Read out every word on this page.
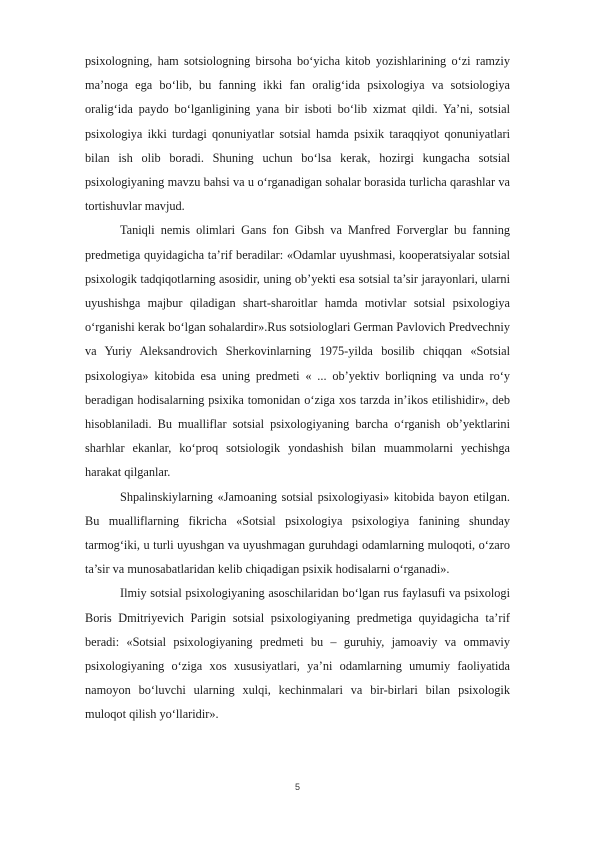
psixologning, ham sotsiologning birsoha bo‘yicha kitob yozishlarining o‘zi ramziy ma’noga ega bo‘lib, bu fanning ikki fan oralig‘ida psixologiya va sotsiologiya oralig‘ida paydo bo‘lganligining yana bir isboti bo‘lib xizmat qildi. Ya’ni, sotsial psixologiya ikki turdagi qonuniyatlar sotsial hamda psixik taraqqiyot qonuniyatlari bilan ish olib boradi. Shuning uchun bo‘lsa kerak, hozirgi kungacha sotsial psixologiyaning mavzu bahsi va u o‘rganadigan sohalar borasida turlicha qarashlar va tortishuvlar mavjud.

Taniqli nemis olimlari Gans fon Gibsh va Manfred Forverglar bu fanning predmetiga quyidagicha ta’rif beradilar: «Odamlar uyushmasi, kooperatsiyalar sotsial psixologik tadqiqotlarning asosidir, uning ob’yekti esa sotsial ta’sir jarayonlari, ularni uyushishga majbur qiladigan shart-sharoitlar hamda motivlar sotsial psixologiya o‘rganishi kerak bo‘lgan sohalardir».Rus sotsiologlari German Pavlovich Predvechniy va Yuriy Aleksandrovich Sherkovinlarning 1975-yilda bosilib chiqqan «Sotsial psixologiya» kitobida esa uning predmeti « ... ob’yektiv borliqning va unda ro‘y beradigan hodisalarning psixika tomonidan o‘ziga xos tarzda in’ikos etilishidir», deb hisoblaniladi. Bu mualliflar sotsial psixologiyaning barcha o‘rganish ob’yektlarini sharhlar ekanlar, ko‘proq sotsiologik yondashish bilan muammolarni yechishga harakat qilganlar.

Shpalinskiylarning «Jamoaning sotsial psixologiyasi» kitobida bayon etilgan. Bu mualliflarning fikricha «Sotsial psixologiya psixologiya fanining shunday tarmog‘iki, u turli uyushgan va uyushmagan guruhdagi odamlarning muloqoti, o‘zaro ta’sir va munosabatlaridan kelib chiqadigan psixik hodisalarni o‘rganadi».

Ilmiy sotsial psixologiyaning asoschilaridan bo‘lgan rus faylasufi va psixologi Boris Dmitriyevich Parigin sotsial psixologiyaning predmetiga quyidagicha ta’rif beradi: «Sotsial psixologiyaning predmeti bu – guruhiy, jamoaviy va ommaviy psixologiyaning o‘ziga xos xususiyatlari, ya’ni odamlarning umumiy faoliyatida namoyon bo‘luvchi ularning xulqi, kechinmalari va bir-birlari bilan psixologik muloqot qilish yo‘llaridir».

5
